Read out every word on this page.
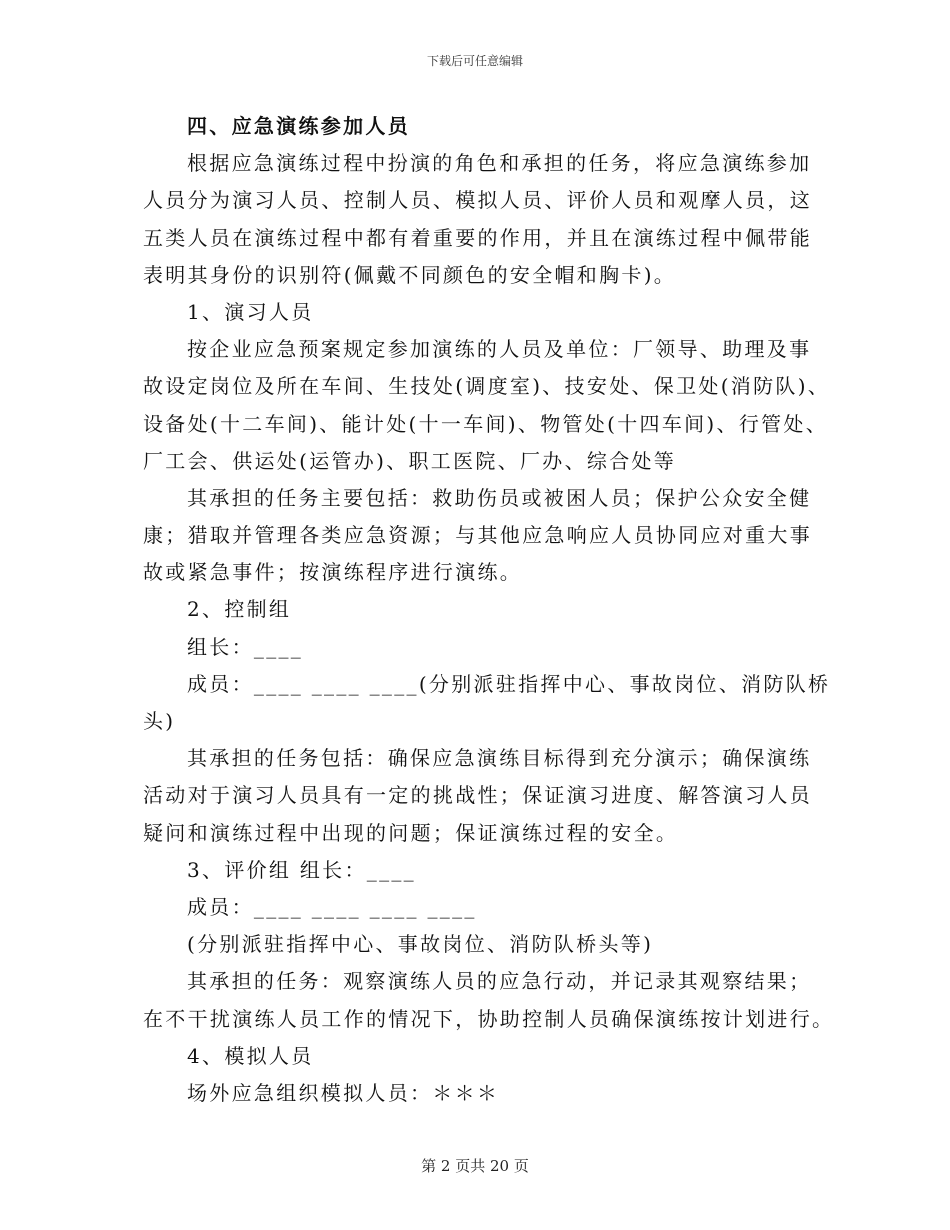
下载后可任意编辑
四、应急演练参加人员
根据应急演练过程中扮演的角色和承担的任务，将应急演练参加
人员分为演习人员、控制人员、模拟人员、评价人员和观摩人员，这
五类人员在演练过程中都有着重要的作用，并且在演练过程中佩带能
表明其身份的识别符(佩戴不同颜色的安全帽和胸卡)。
1、演习人员
按企业应急预案规定参加演练的人员及单位：厂领导、助理及事
故设定岗位及所在车间、生技处(调度室)、技安处、保卫处(消防队)、
设备处(十二车间)、能计处(十一车间)、物管处(十四车间)、行管处、
厂工会、供运处(运管办)、职工医院、厂办、综合处等
其承担的任务主要包括：救助伤员或被困人员；保护公众安全健
康；猎取并管理各类应急资源；与其他应急响应人员协同应对重大事
故或紧急事件；按演练程序进行演练。
2、控制组
组长：____
成员：____ ____ ____(分别派驻指挥中心、事故岗位、消防队桥
头)
其承担的任务包括：确保应急演练目标得到充分演示；确保演练
活动对于演习人员具有一定的挑战性；保证演习进度、解答演习人员
疑问和演练过程中出现的问题；保证演练过程的安全。
3、评价组 组长：____
成员：____ ____ ____ ____
(分别派驻指挥中心、事故岗位、消防队桥头等)
其承担的任务：观察演练人员的应急行动，并记录其观察结果；
在不干扰演练人员工作的情况下，协助控制人员确保演练按计划进行。
4、模拟人员
场外应急组织模拟人员：＊＊＊
第 2 页共 20 页
